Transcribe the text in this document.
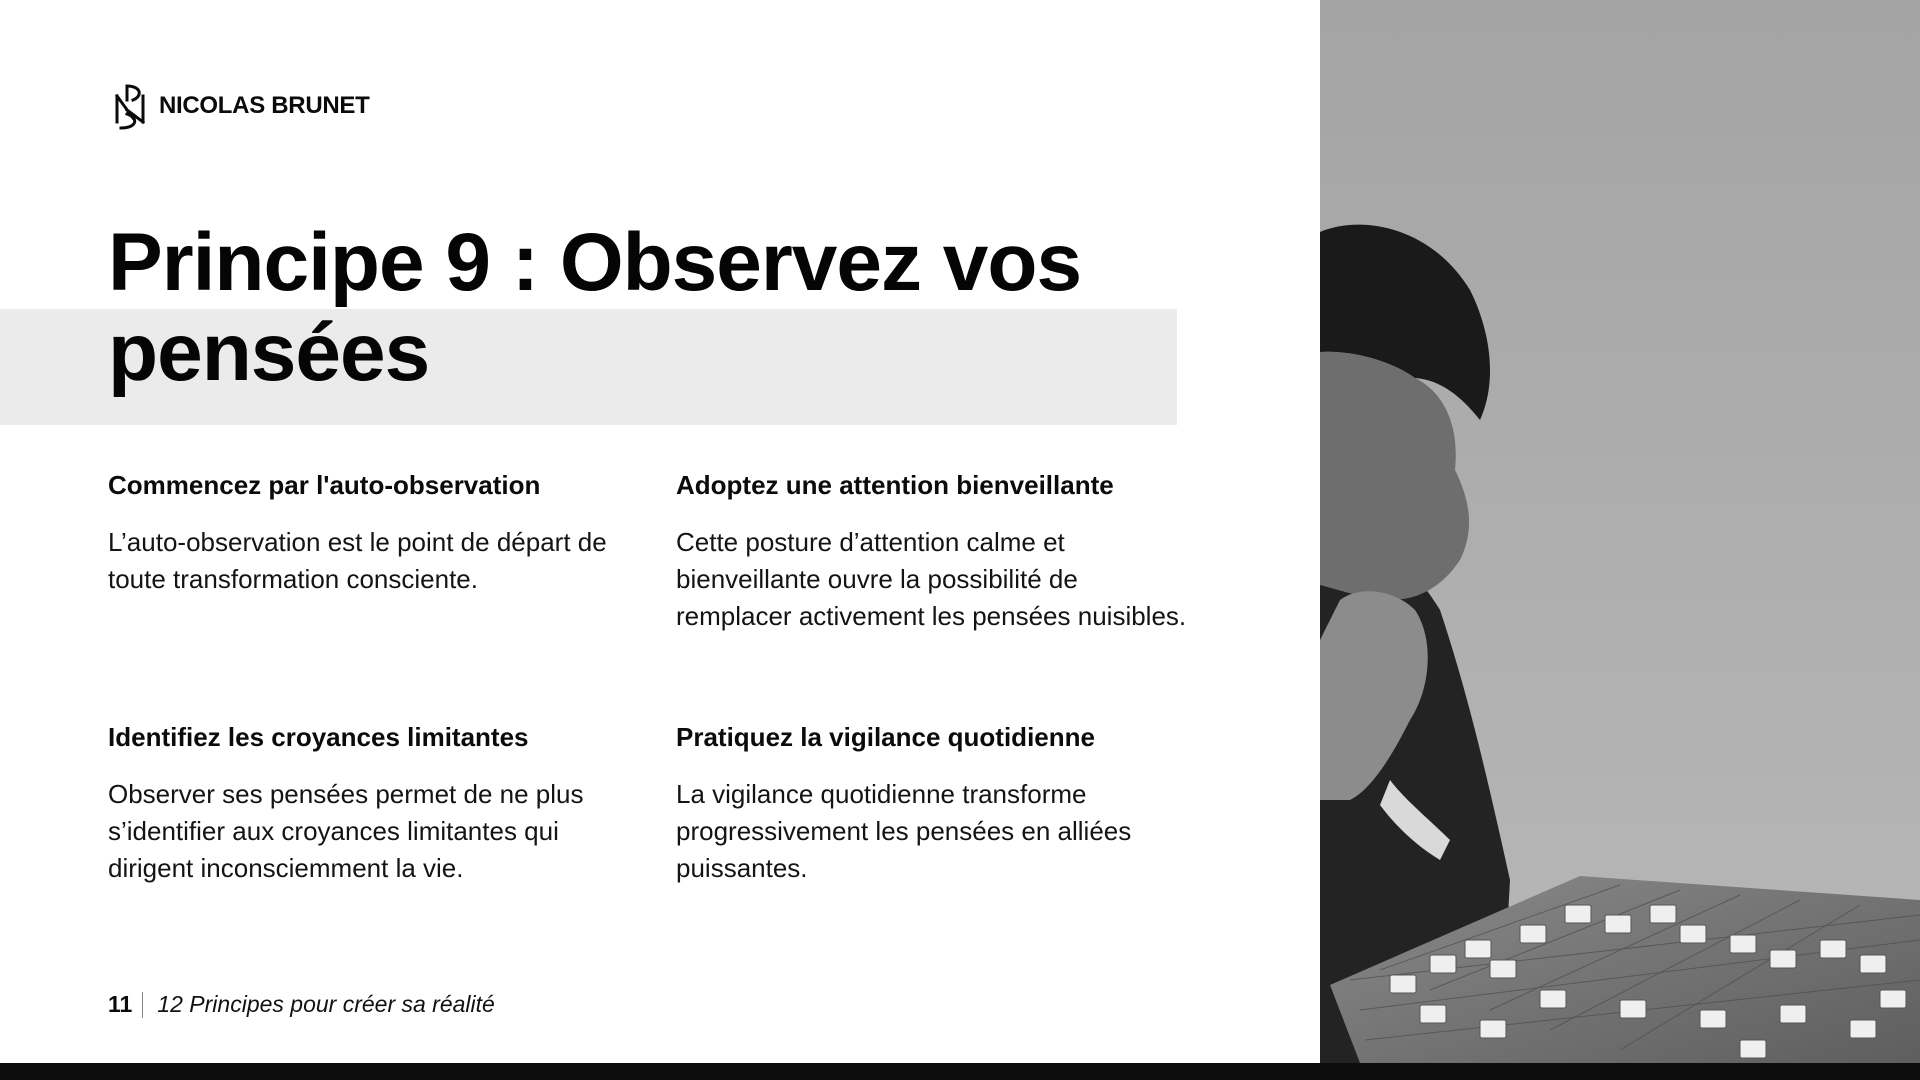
NICOLAS BRUNET
Principe 9 : Observez vos pensées
Commencez par l'auto-observation

L’auto-observation est le point de départ de toute transformation consciente.

Adoptez une attention bienveillante

Cette posture d’attention calme et bienveillante ouvre la possibilité de remplacer activement les pensées nuisibles.

Identifiez les croyances limitantes

Observer ses pensées permet de ne plus s’identifier aux croyances limitantes qui dirigent inconsciemment la vie.

Pratiquez la vigilance quotidienne

La vigilance quotidienne transforme progressivement les pensées en alliées puissantes.

11 12 Principes pour créer sa réalité
